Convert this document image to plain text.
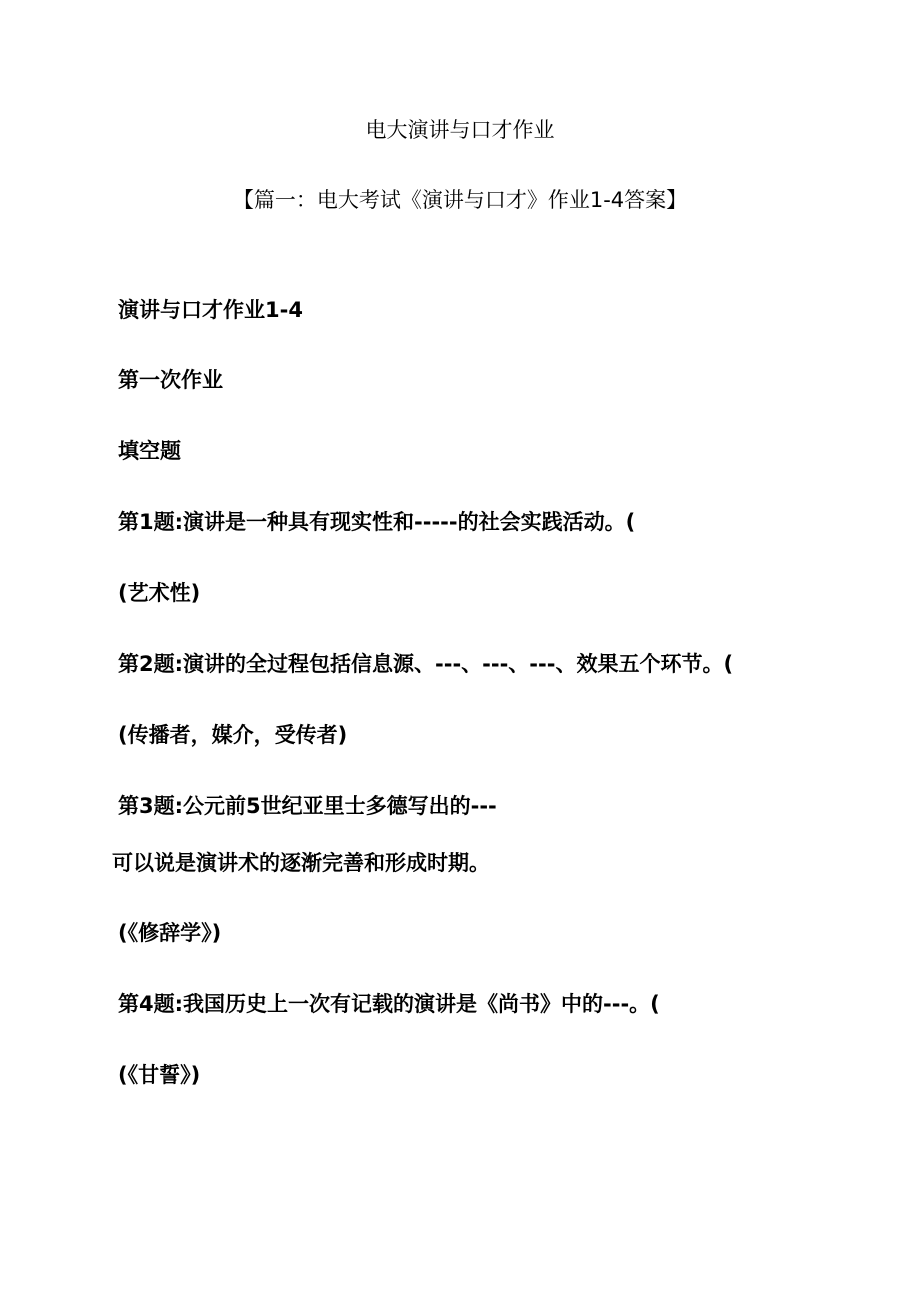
电大演讲与口才作业
【篇一：电大考试《演讲与口才》作业1-4答案】

演讲与口才作业1-4

第一次作业

填空题

第1题:演讲是一种具有现实性和-----的社会实践活动。(

(艺术性)

第2题:演讲的全过程包括信息源、---、---、---、效果五个环节。(

(传播者，媒介，受传者)

第3题:公元前5世纪亚里士多德写出的---

可以说是演讲术的逐渐完善和形成时期。

(《修辞学》)

第4题:我国历史上一次有记载的演讲是《尚书》中的---。(

(《甘誓》)
